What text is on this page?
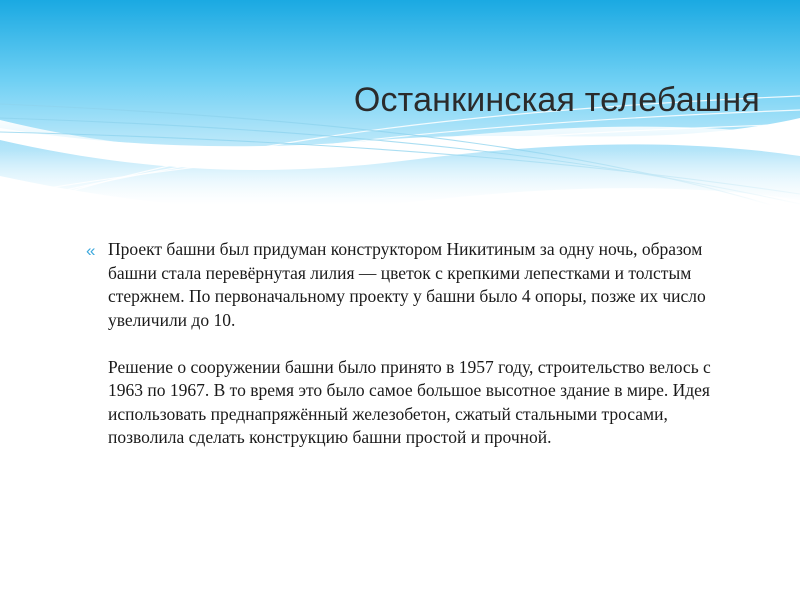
Останкинская телебашня
« Проект башни был придуман конструктором Никитиным за одну ночь, образом башни стала перевёрнутая лилия — цветок с крепкими лепестками и толстым стержнем. По первоначальному проекту у башни было 4 опоры, позже их число увеличили до 10.

Решение о сооружении башни было принято в 1957 году, строительство велось с 1963 по 1967. В то время это было самое большое высотное здание в мире. Идея использовать преднапряжённый железобетон, сжатый стальными тросами, позволила сделать конструкцию башни простой и прочной.
